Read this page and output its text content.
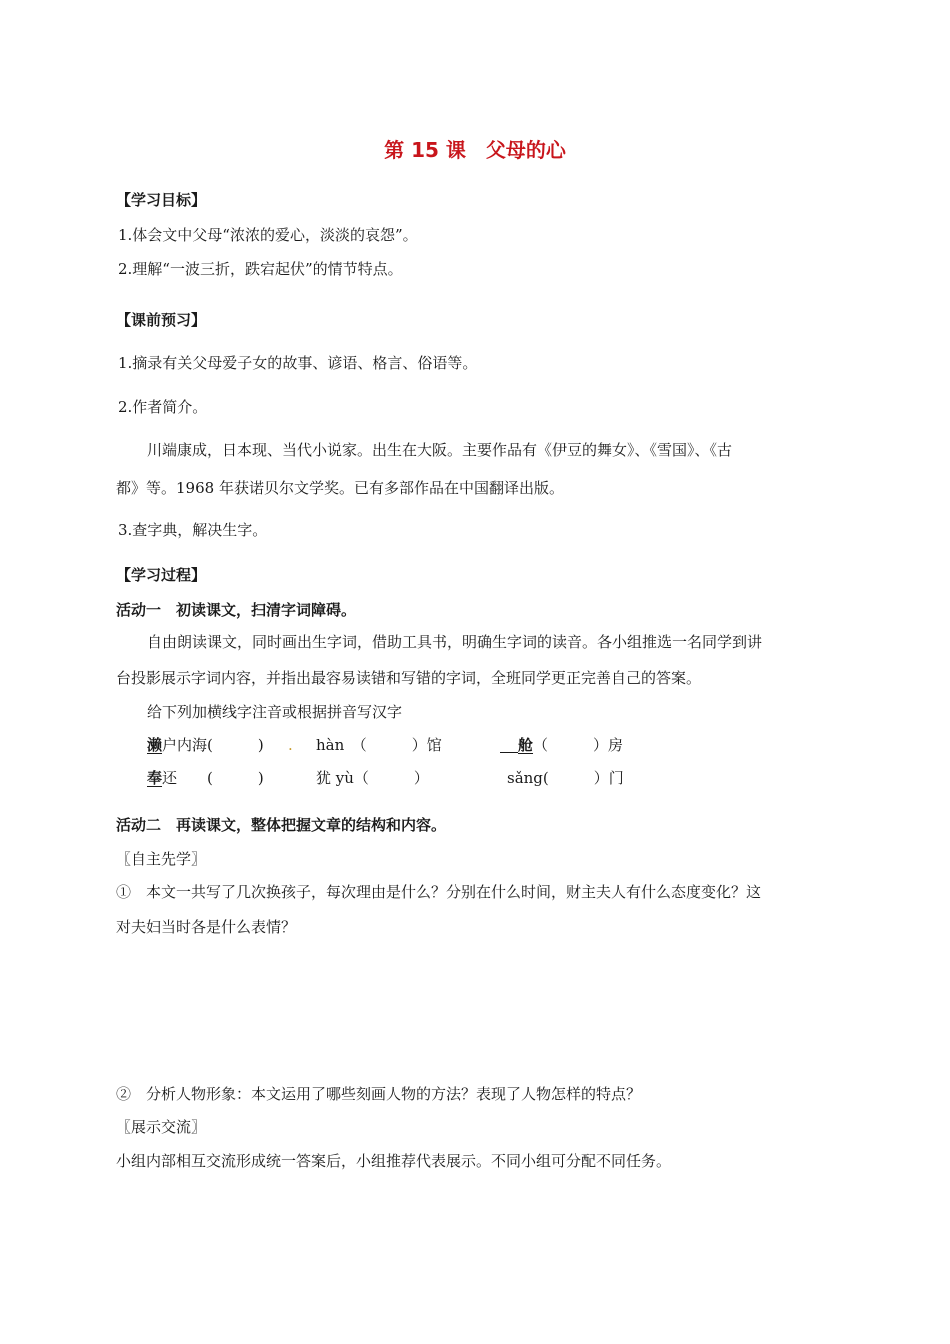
第 15 课 父母的心
【学习目标】
1.体会文中父母“浓浓的爱心，淡淡的哀怨”。
2.理解“一波三折，跌宕起伏”的情节特点。
【课前预习】
1.摘录有关父母爱子女的故事、谚语、格言、俗语等。
2.作者简介。
川端康成，日本现、当代小说家。出生在大阪。主要作品有《伊豆的舞女》、《雪国》、《古
都》等。1968 年获诺贝尔文学奖。已有多部作品在中国翻译出版。
3.查字典，解决生字。
【学习过程】
活动一　初读课文，扫清字词障碍。
自由朗读课文，同时画出生字词，借助工具书，明确生字词的读音。各小组推选一名同学到讲
台投影展示字词内容，并指出最容易读错和写错的字词，全班同学更正完善自己的答案。
给下列加横线字注音或根据拼音写汉字
濑户内海(　　　) . hàn　（　　　）馆	舱（　　　）房
奉还　　(　　　)	犹 yù（　　　）	sǎng(　　　）门
活动二　再读课文，整体把握文章的结构和内容。
〖自主先学〗
①　本文一共写了几次换孩子，每次理由是什么？分别在什么时间，财主夫人有什么态度变化？这
对夫妇当时各是什么表情？
②　分析人物形象：本文运用了哪些刻画人物的方法？表现了人物怎样的特点？
〖展示交流〗
小组内部相互交流形成统一答案后，小组推荐代表展示。不同小组可分配不同任务。
